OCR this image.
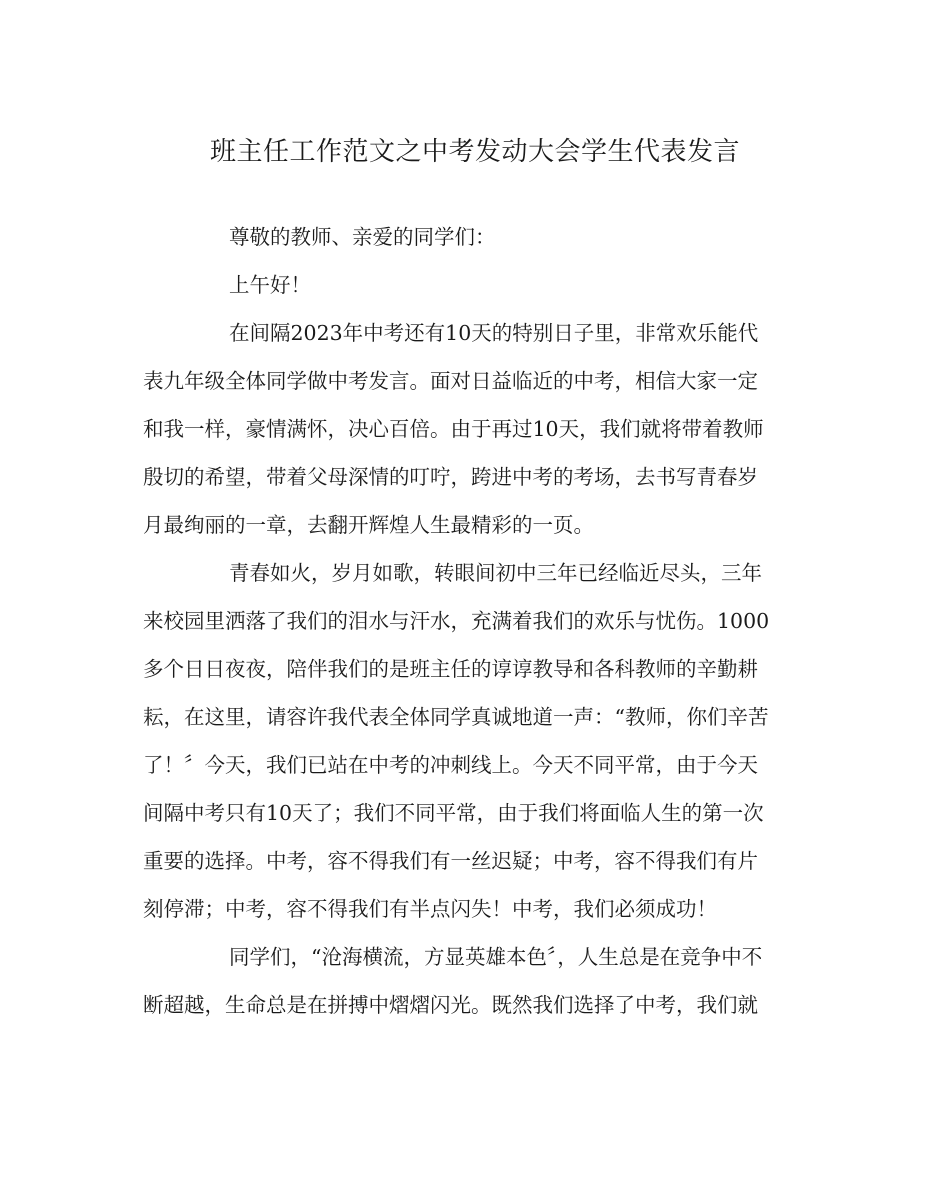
班主任工作范文之中考发动大会学生代表发言
尊敬的教师、亲爱的同学们：
上午好！
在间隔2023年中考还有10天的特别日子里，非常欢乐能代
表九年级全体同学做中考发言。面对日益临近的中考，相信大家一定
和我一样，豪情满怀，决心百倍。由于再过10天，我们就将带着教师
殷切的希望，带着父母深情的叮咛，跨进中考的考场，去书写青春岁
月最绚丽的一章，去翻开辉煌人生最精彩的一页。
青春如火，岁月如歌，转眼间初中三年已经临近尽头，三年
来校园里洒落了我们的泪水与汗水，充满着我们的欢乐与忧伤。1000
多个日日夜夜，陪伴我们的是班主任的谆谆教导和各科教师的辛勤耕
耘，在这里，请容许我代表全体同学真诚地道一声：“教师，你们辛苦
了！〞今天，我们已站在中考的冲刺线上。今天不同平常，由于今天
间隔中考只有10天了；我们不同平常，由于我们将面临人生的第一次
重要的选择。中考，容不得我们有一丝迟疑；中考，容不得我们有片
刻停滞；中考，容不得我们有半点闪失！中考，我们必须成功！
同学们，“沧海横流，方显英雄本色〞，人生总是在竞争中不
断超越，生命总是在拼搏中熠熠闪光。既然我们选择了中考，我们就
